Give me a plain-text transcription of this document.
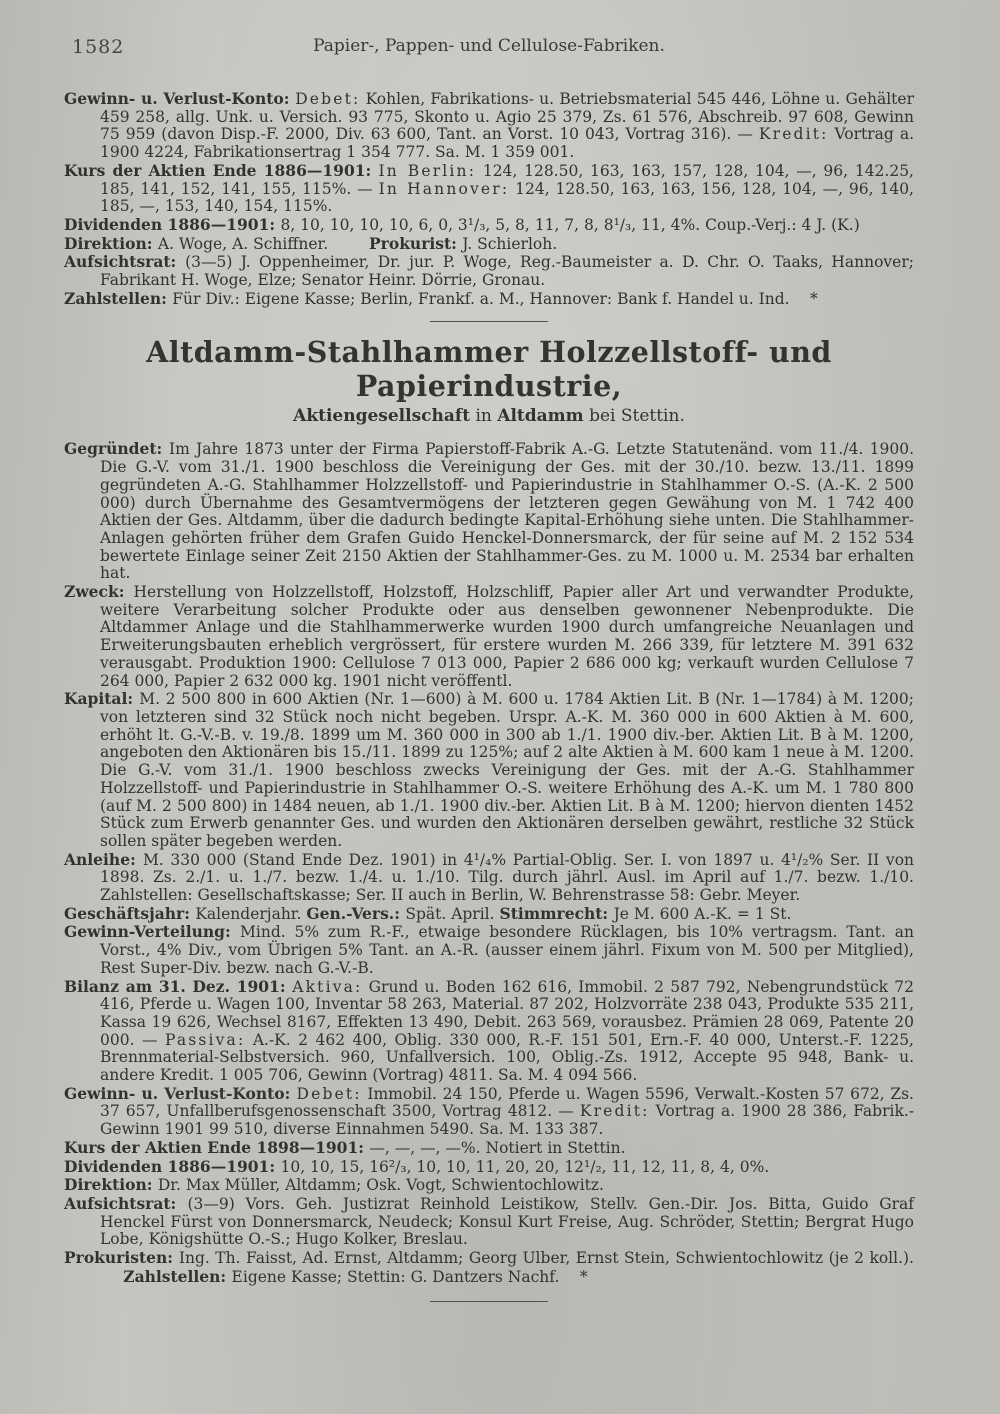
1582	Papier-, Pappen- und Cellulose-Fabriken.

Gewinn- u. Verlust-Konto: Debet: Kohlen, Fabrikations- u. Betriebsmaterial 545 446, Löhne u. Gehälter 459 258, allg. Unk. u. Versich. 93 775, Skonto u. Agio 25 379, Zs. 61 576, Abschreib. 97 608, Gewinn 75 959 (davon Disp.-F. 2000, Div. 63 600, Tant. an Vorst. 10 043, Vortrag 316). — Kredit: Vortrag a. 1900 4224, Fabrikationsertrag 1 354 777. Sa. M. 1 359 001.

Kurs der Aktien Ende 1886—1901: In Berlin: 124, 128.50, 163, 163, 157, 128, 104, —, 96, 142.25, 185, 141, 152, 141, 155, 115%. — In Hannover: 124, 128.50, 163, 163, 156, 128, 104, —, 96, 140, 185, —, 153, 140, 154, 115%.

Dividenden 1886—1901: 8, 10, 10, 10, 10, 6, 0, 3¹/₃, 5, 8, 11, 7, 8, 8¹/₃, 11, 4%. Coup.-Verj.: 4 J. (K.)

Direktion: A. Woge, A. Schiffner.    Prokurist: J. Schierloh.

Aufsichtsrat: (3—5) J. Oppenheimer, Dr. jur. P. Woge, Reg.-Baumeister a. D. Chr. O. Taaks, Hannover; Fabrikant H. Woge, Elze; Senator Heinr. Dörrie, Gronau.

Zahlstellen: Für Div.: Eigene Kasse; Berlin, Frankf. a. M., Hannover: Bank f. Handel u. Ind.  *

Altdamm-Stahlhammer Holzzellstoff- und Papierindustrie,
Aktiengesellschaft in Altdamm bei Stettin.

Gegründet: Im Jahre 1873 unter der Firma Papierstoff-Fabrik A.-G. Letzte Statutenänd. vom 11./4. 1900. Die G.-V. vom 31./1. 1900 beschloss die Vereinigung der Ges. mit der 30./10. bezw. 13./11. 1899 gegründeten A.-G. Stahlhammer Holzzellstoff- und Papierindustrie in Stahlhammer O.-S. (A.-K. 2 500 000) durch Übernahme des Gesamtvermögens der letzteren gegen Gewähung von M. 1 742 400 Aktien der Ges. Altdamm, über die dadurch bedingte Kapital-Erhöhung siehe unten. Die Stahlhammer-Anlagen gehörten früher dem Grafen Guido Henckel-Donnersmarck, der für seine auf M. 2 152 534 bewertete Einlage seiner Zeit 2150 Aktien der Stahlhammer-Ges. zu M. 1000 u. M. 2534 bar erhalten hat.

Zweck: Herstellung von Holzzellstoff, Holzstoff, Holzschliff, Papier aller Art und verwandter Produkte, weitere Verarbeitung solcher Produkte oder aus denselben gewonnener Nebenprodukte. Die Altdammer Anlage und die Stahlhammerwerke wurden 1900 durch umfangreiche Neuanlagen und Erweiterungsbauten erheblich vergrössert, für erstere wurden M. 266 339, für letztere M. 391 632 verausgabt. Produktion 1900: Cellulose 7 013 000, Papier 2 686 000 kg; verkauft wurden Cellulose 7 264 000, Papier 2 632 000 kg. 1901 nicht veröffentl.

Kapital: M. 2 500 800 in 600 Aktien (Nr. 1—600) à M. 600 u. 1784 Aktien Lit. B (Nr. 1—1784) à M. 1200; von letzteren sind 32 Stück noch nicht begeben. Urspr. A.-K. M. 360 000 in 600 Aktien à M. 600, erhöht lt. G.-V.-B. v. 19./8. 1899 um M. 360 000 in 300 ab 1./1. 1900 div.-ber. Aktien Lit. B à M. 1200, angeboten den Aktionären bis 15./11. 1899 zu 125%; auf 2 alte Aktien à M. 600 kam 1 neue à M. 1200. Die G.-V. vom 31./1. 1900 beschloss zwecks Vereinigung der Ges. mit der A.-G. Stahlhammer Holzzellstoff- und Papierindustrie in Stahlhammer O.-S. weitere Erhöhung des A.-K. um M. 1 780 800 (auf M. 2 500 800) in 1484 neuen, ab 1./1. 1900 div.-ber. Aktien Lit. B à M. 1200; hiervon dienten 1452 Stück zum Erwerb genannter Ges. und wurden den Aktionären derselben gewährt, restliche 32 Stück sollen später begeben werden.

Anleihe: M. 330 000 (Stand Ende Dez. 1901) in 4¹/₄% Partial-Oblig. Ser. I. von 1897 u. 4¹/₂% Ser. II von 1898. Zs. 2./1. u. 1./7. bezw. 1./4. u. 1./10. Tilg. durch jährl. Ausl. im April auf 1./7. bezw. 1./10. Zahlstellen: Gesellschaftskasse; Ser. II auch in Berlin, W. Behrenstrasse 58: Gebr. Meyer.

Geschäftsjahr: Kalenderjahr. Gen.-Vers.: Spät. April. Stimmrecht: Je M. 600 A.-K. = 1 St.

Gewinn-Verteilung: Mind. 5% zum R.-F., etwaige besondere Rücklagen, bis 10% vertragsm. Tant. an Vorst., 4% Div., vom Übrigen 5% Tant. an A.-R. (ausser einem jährl. Fixum von M. 500 per Mitglied), Rest Super-Div. bezw. nach G.-V.-B.

Bilanz am 31. Dez. 1901: Aktiva: Grund u. Boden 162 616, Immobil. 2 587 792, Nebengrundstück 72 416, Pferde u. Wagen 100, Inventar 58 263, Material. 87 202, Holzvorräte 238 043, Produkte 535 211, Kassa 19 626, Wechsel 8167, Effekten 13 490, Debit. 263 569, vorausbez. Prämien 28 069, Patente 20 000. — Passiva: A.-K. 2 462 400, Oblig. 330 000, R.-F. 151 501, Ern.-F. 40 000, Unterst.-F. 1225, Brennmaterial-Selbstversich. 960, Unfallversich. 100, Oblig.-Zs. 1912, Accepte 95 948, Bank- u. andere Kredit. 1 005 706, Gewinn (Vortrag) 4811. Sa. M. 4 094 566.

Gewinn- u. Verlust-Konto: Debet: Immobil. 24 150, Pferde u. Wagen 5596, Verwalt.-Kosten 57 672, Zs. 37 657, Unfallberufsgenossenschaft 3500, Vortrag 4812. — Kredit: Vortrag a. 1900 28 386, Fabrik.-Gewinn 1901 99 510, diverse Einnahmen 5490. Sa. M. 133 387.

Kurs der Aktien Ende 1898—1901: —, —, —, —%. Notiert in Stettin.

Dividenden 1886—1901: 10, 10, 15, 16²/₃, 10, 10, 11, 20, 20, 12¹/₂, 11, 12, 11, 8, 4, 0%.

Direktion: Dr. Max Müller, Altdamm; Osk. Vogt, Schwientochlowitz.

Aufsichtsrat: (3—9) Vors. Geh. Justizrat Reinhold Leistikow, Stellv. Gen.-Dir. Jos. Bitta, Guido Graf Henckel Fürst von Donnersmarck, Neudeck; Konsul Kurt Freise, Aug. Schröder, Stettin; Bergrat Hugo Lobe, Königshütte O.-S.; Hugo Kolker, Breslau.

Prokuristen: Ing. Th. Faisst, Ad. Ernst, Altdamm; Georg Ulber, Ernst Stein, Schwientochlowitz (je 2 koll.).   Zahlstellen: Eigene Kasse; Stettin: G. Dantzers Nachf.  *
